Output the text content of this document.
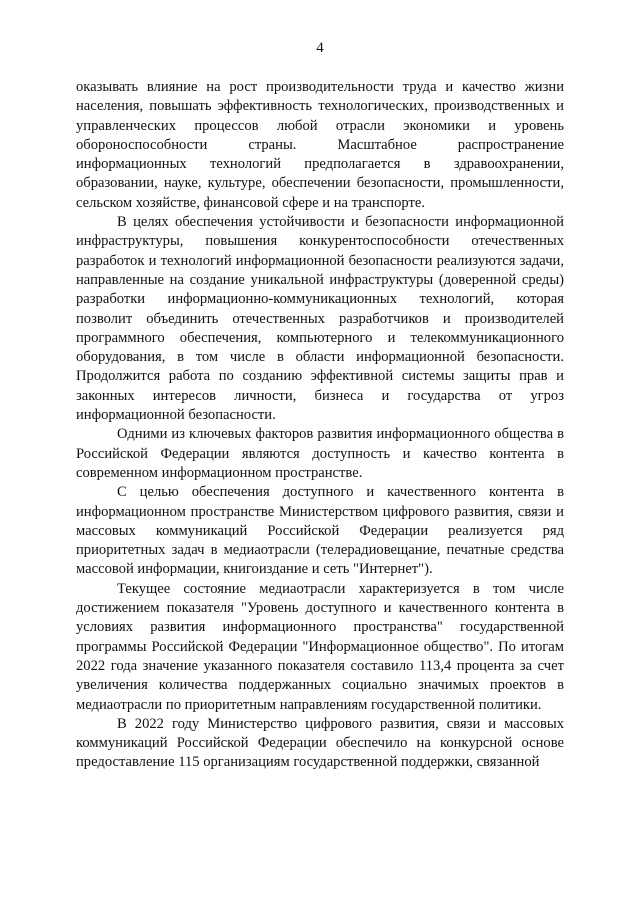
4

оказывать влияние на рост производительности труда и качество жизни населения, повышать эффективность технологических, производственных и управленческих процессов любой отрасли экономики и уровень обороноспособности страны. Масштабное распространение информационных технологий предполагается в здравоохранении, образовании, науке, культуре, обеспечении безопасности, промышленности, сельском хозяйстве, финансовой сфере и на транспорте.

В целях обеспечения устойчивости и безопасности информационной инфраструктуры, повышения конкурентоспособности отечественных разработок и технологий информационной безопасности реализуются задачи, направленные на создание уникальной инфраструктуры (доверенной среды) разработки информационно-коммуникационных технологий, которая позволит объединить отечественных разработчиков и производителей программного обеспечения, компьютерного и телекоммуникационного оборудования, в том числе в области информационной безопасности. Продолжится работа по созданию эффективной системы защиты прав и законных интересов личности, бизнеса и государства от угроз информационной безопасности.

Одними из ключевых факторов развития информационного общества в Российской Федерации являются доступность и качество контента в современном информационном пространстве.

С целью обеспечения доступного и качественного контента в информационном пространстве Министерством цифрового развития, связи и массовых коммуникаций Российской Федерации реализуется ряд приоритетных задач в медиаотрасли (телерадиовещание, печатные средства массовой информации, книгоиздание и сеть "Интернет").

Текущее состояние медиаотрасли характеризуется в том числе достижением показателя "Уровень доступного и качественного контента в условиях развития информационного пространства" государственной программы Российской Федерации "Информационное общество". По итогам 2022 года значение указанного показателя составило 113,4 процента за счет увеличения количества поддержанных социально значимых проектов в медиаотрасли по приоритетным направлениям государственной политики.

В 2022 году Министерство цифрового развития, связи и массовых коммуникаций Российской Федерации обеспечило на конкурсной основе предоставление 115 организациям государственной поддержки, связанной
